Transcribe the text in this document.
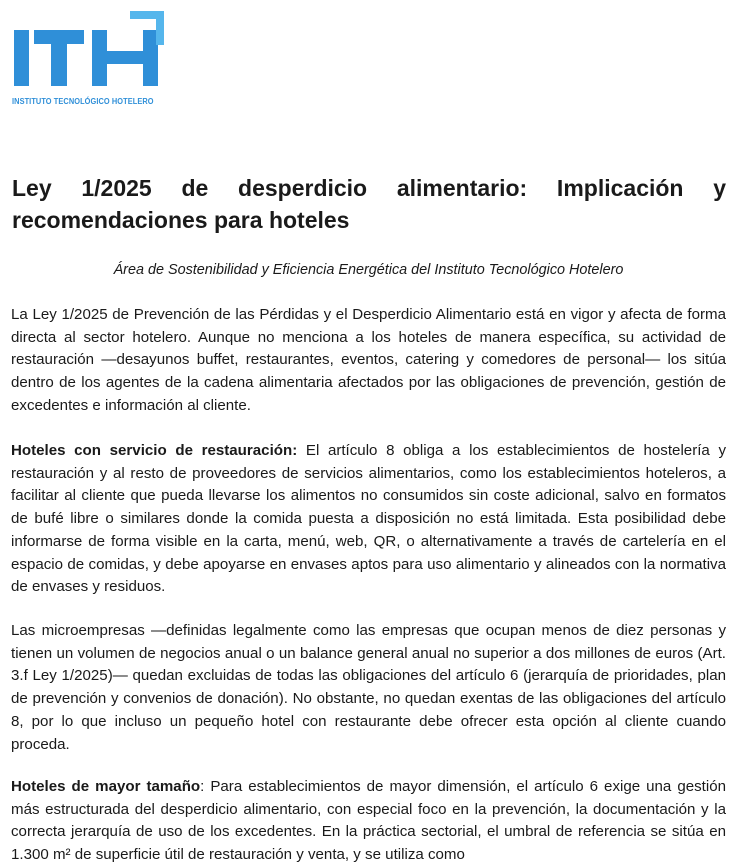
INSTITUTO TECNOLÓGICO HOTELERO
Ley 1/2025 de desperdicio alimentario: Implicación y recomendaciones para hoteles
Área de Sostenibilidad y Eficiencia Energética del Instituto Tecnológico Hotelero

La Ley 1/2025 de Prevención de las Pérdidas y el Desperdicio Alimentario está en vigor y afecta de forma directa al sector hotelero. Aunque no menciona a los hoteles de manera específica, su actividad de restauración —desayunos buffet, restaurantes, eventos, catering y comedores de personal— los sitúa dentro de los agentes de la cadena alimentaria afectados por las obligaciones de prevención, gestión de excedentes e información al cliente.

Hoteles con servicio de restauración: El artículo 8 obliga a los establecimientos de hostelería y restauración y al resto de proveedores de servicios alimentarios, como los establecimientos hoteleros, a facilitar al cliente que pueda llevarse los alimentos no consumidos sin coste adicional, salvo en formatos de bufé libre o similares donde la comida puesta a disposición no está limitada. Esta posibilidad debe informarse de forma visible en la carta, menú, web, QR, o alternativamente a través de cartelería en el espacio de comidas, y debe apoyarse en envases aptos para uso alimentario y alineados con la normativa de envases y residuos.

Las microempresas —definidas legalmente como las empresas que ocupan menos de diez personas y tienen un volumen de negocios anual o un balance general anual no superior a dos millones de euros (Art. 3.f Ley 1/2025)— quedan excluidas de todas las obligaciones del artículo 6 (jerarquía de prioridades, plan de prevención y convenios de donación). No obstante, no quedan exentas de las obligaciones del artículo 8, por lo que incluso un pequeño hotel con restaurante debe ofrecer esta opción al cliente cuando proceda.

Hoteles de mayor tamaño: Para establecimientos de mayor dimensión, el artículo 6 exige una gestión más estructurada del desperdicio alimentario, con especial foco en la prevención, la documentación y la correcta jerarquía de uso de los excedentes. En la práctica sectorial, el umbral de referencia se sitúa en 1.300 m² de superficie útil de restauración y venta, y se utiliza como
